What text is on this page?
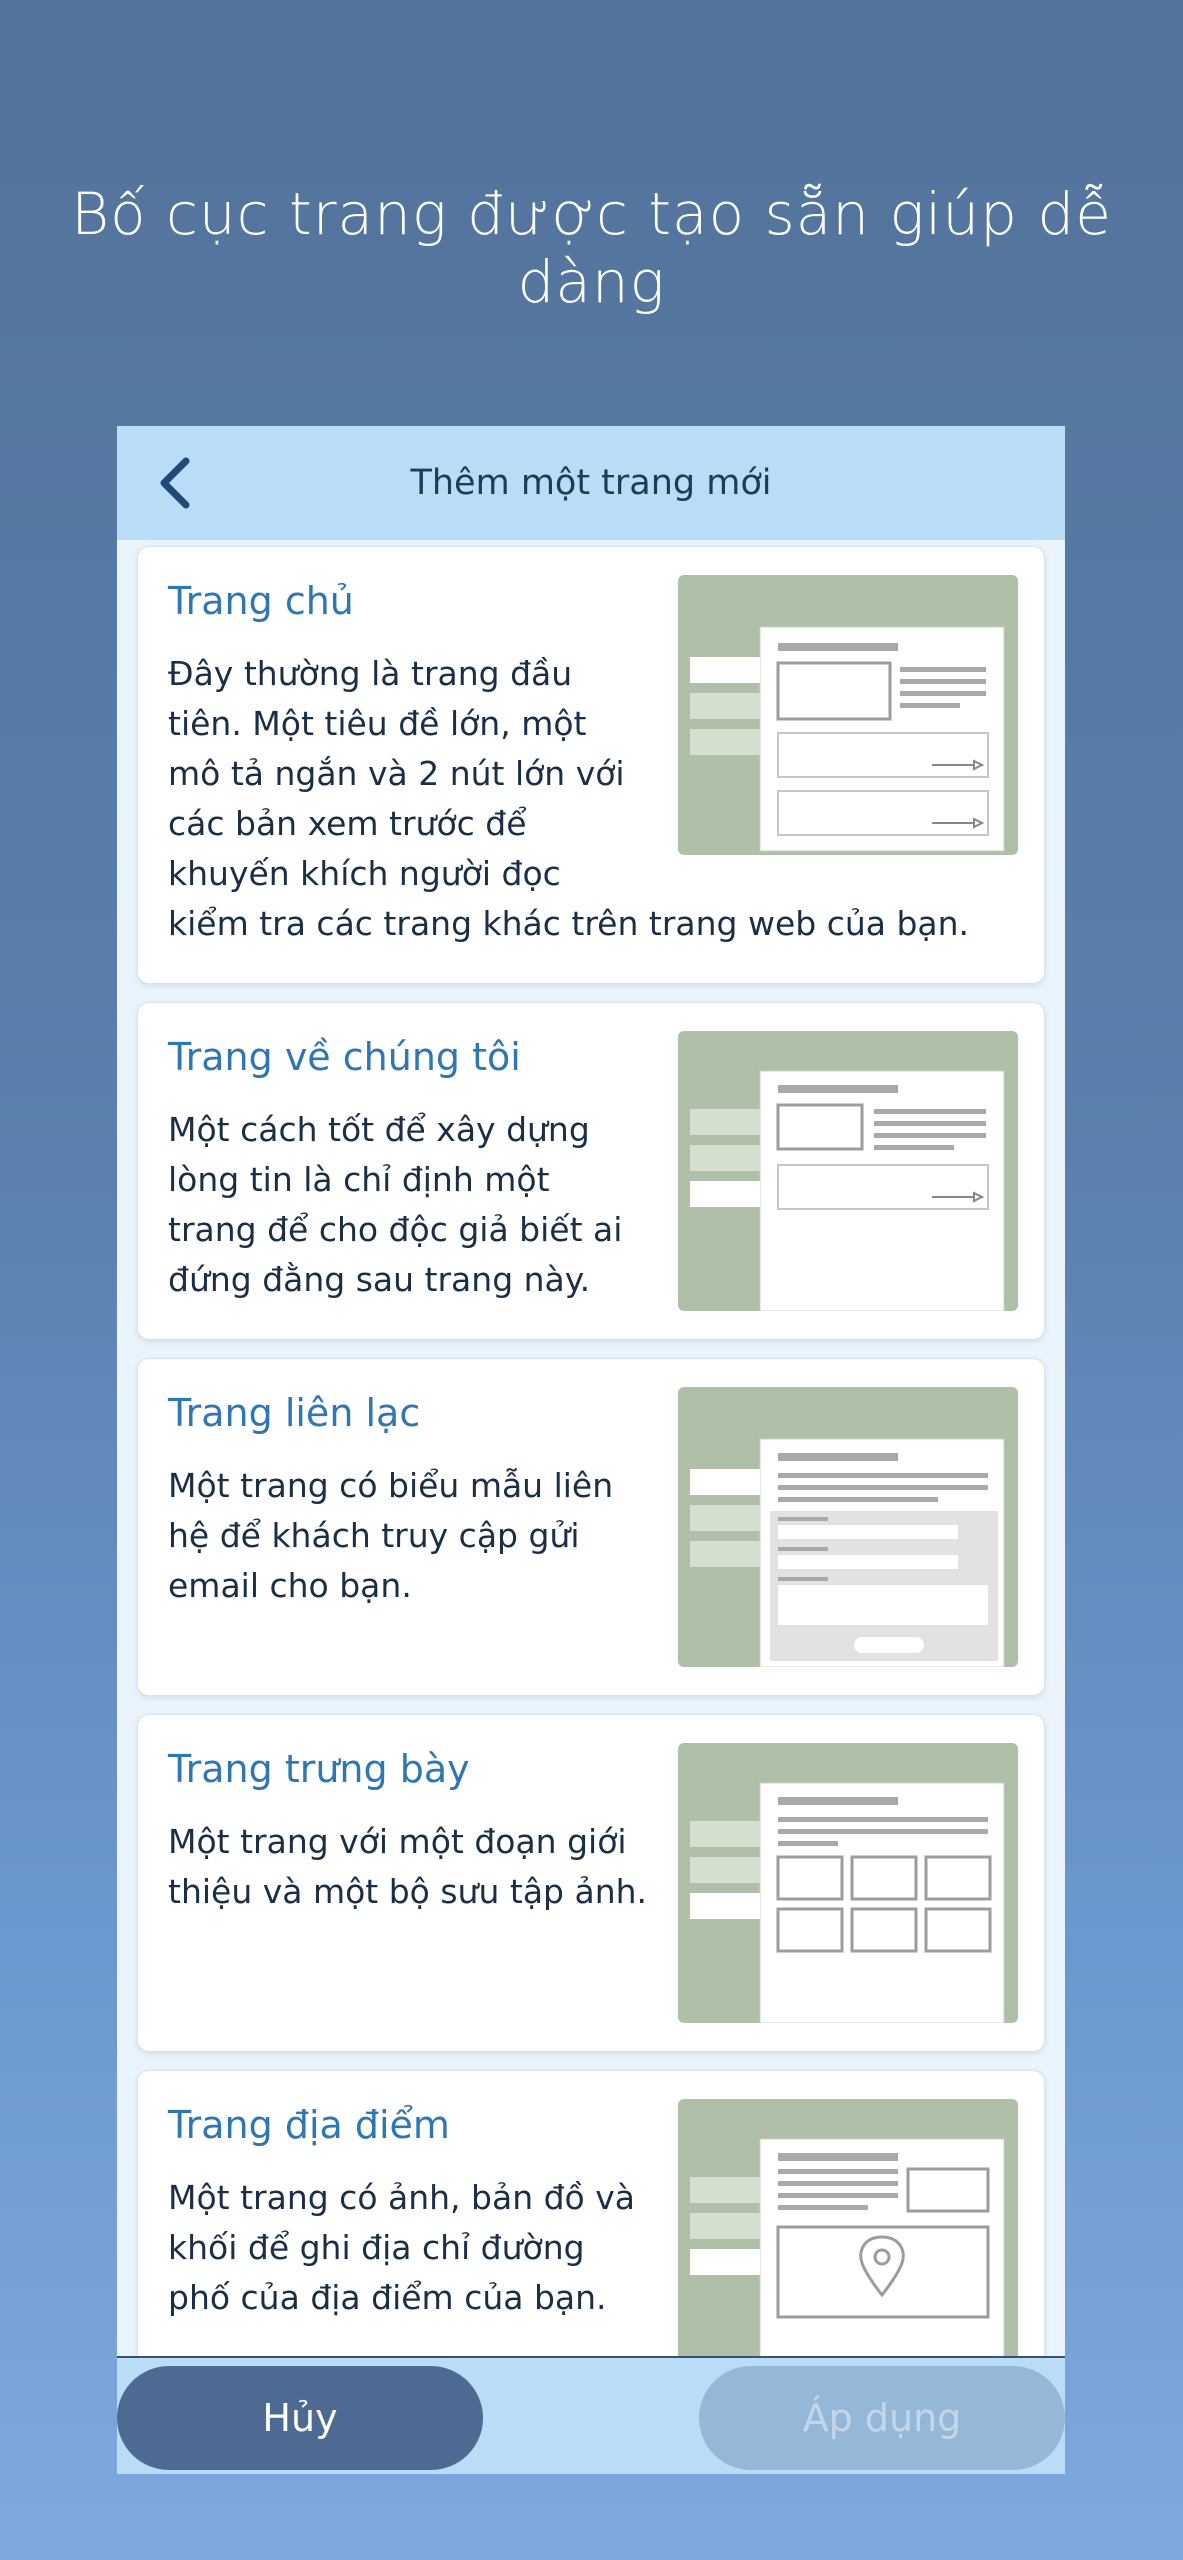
Bố cục trang được tạo sẵn giúp dễ dàng
Thêm một trang mới
Trang chủ

Đây thường là trang đầu tiên. Một tiêu đề lớn, một mô tả ngắn và 2 nút lớn với các bản xem trước để khuyến khích người đọc
kiểm tra các trang khác trên trang web của bạn.

Trang về chúng tôi

Một cách tốt để xây dựng lòng tin là chỉ định một trang để cho độc giả biết ai đứng đằng sau trang này.

Trang liên lạc

Một trang có biểu mẫu liên hệ để khách truy cập gửi email cho bạn.

Trang trưng bày

Một trang với một đoạn giới thiệu và một bộ sưu tập ảnh.

Trang địa điểm

Một trang có ảnh, bản đồ và khối để ghi địa chỉ đường phố của địa điểm của bạn.

Hủy	Áp dụng
